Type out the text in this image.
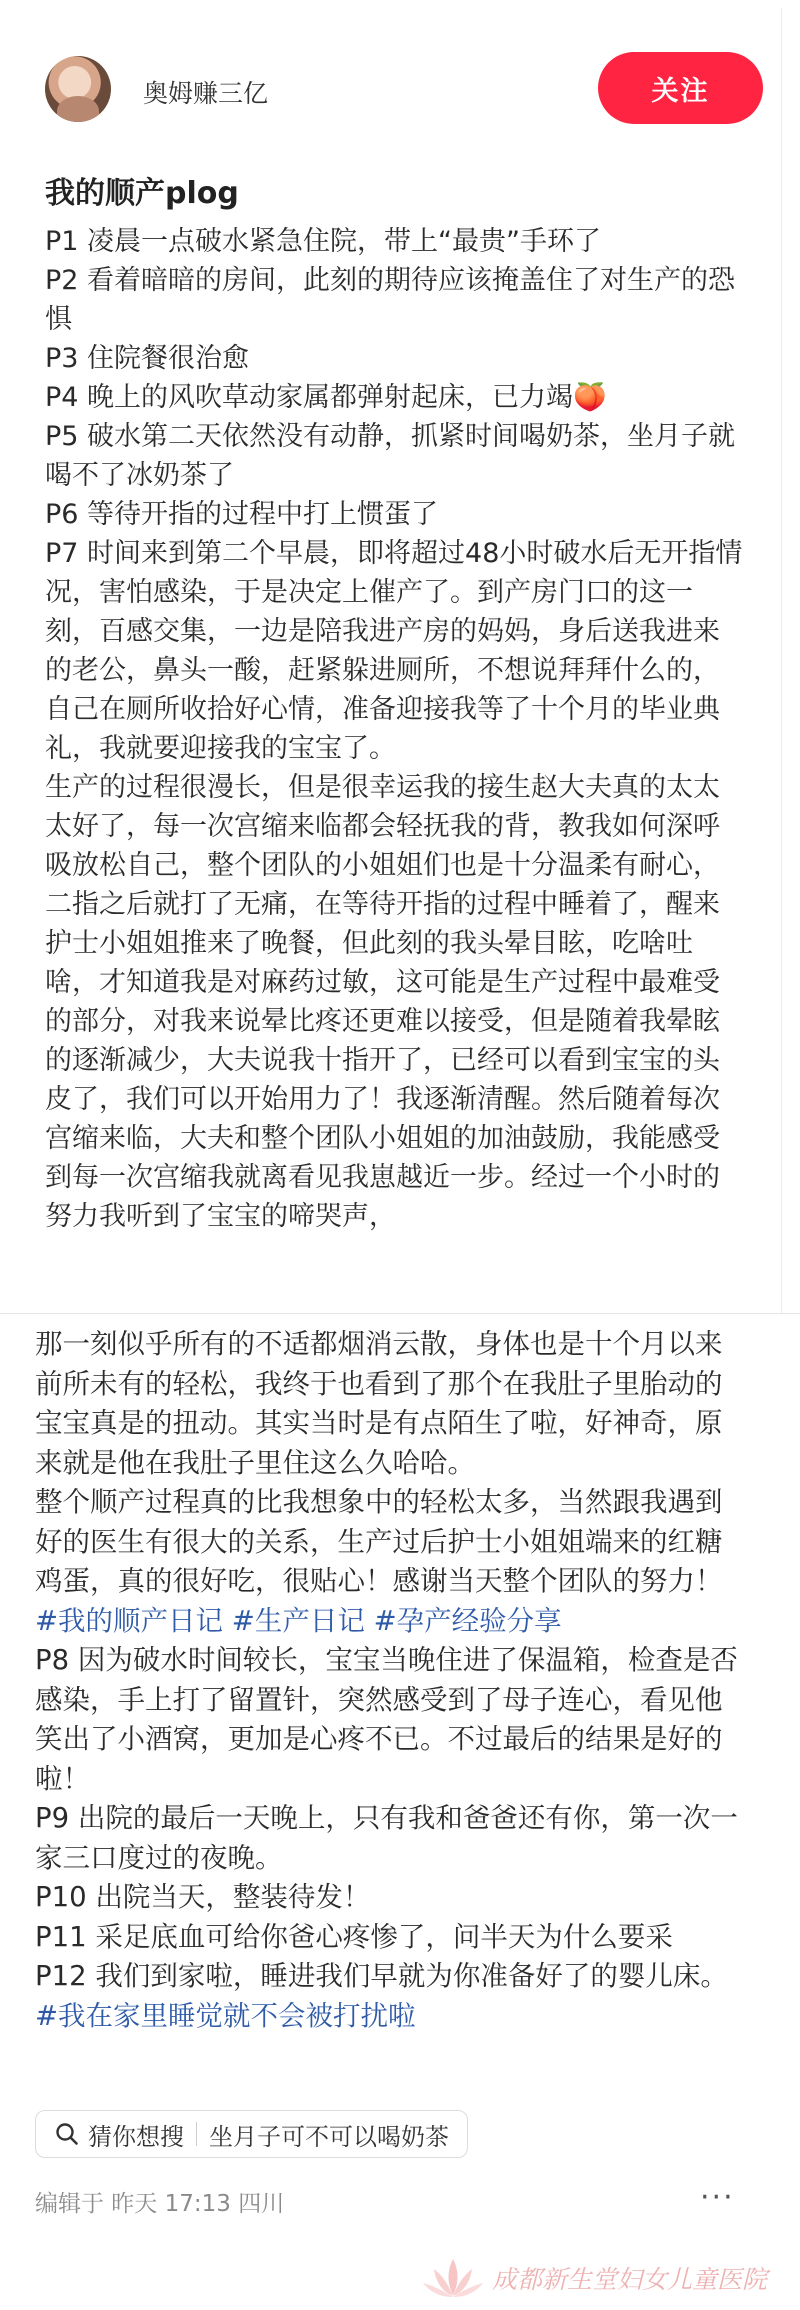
奥姆赚三亿	关注
我的顺产plog

P1 凌晨一点破水紧急住院，带上“最贵”手环了

P2 看着暗暗的房间，此刻的期待应该掩盖住了对生产的恐惧

P3 住院餐很治愈

P4 晚上的风吹草动家属都弹射起床，已力竭🍑

P5 破水第二天依然没有动静，抓紧时间喝奶茶，坐月子就喝不了冰奶茶了

P6 等待开指的过程中打上惯蛋了

P7 时间来到第二个早晨，即将超过48小时破水后无开指情况，害怕感染，于是决定上催产了。到产房门口的这一刻，百感交集，一边是陪我进产房的妈妈，身后送我进来的老公，鼻头一酸，赶紧躲进厕所，不想说拜拜什么的，自己在厕所收拾好心情，准备迎接我等了十个月的毕业典礼，我就要迎接我的宝宝了。

生产的过程很漫长，但是很幸运我的接生赵大夫真的太太太好了，每一次宫缩来临都会轻抚我的背，教我如何深呼吸放松自己，整个团队的小姐姐们也是十分温柔有耐心，二指之后就打了无痛，在等待开指的过程中睡着了，醒来护士小姐姐推来了晚餐，但此刻的我头晕目眩，吃啥吐啥，才知道我是对麻药过敏，这可能是生产过程中最难受的部分，对我来说晕比疼还更难以接受，但是随着我晕眩的逐渐减少，大夫说我十指开了，已经可以看到宝宝的头皮了，我们可以开始用力了！我逐渐清醒。然后随着每次宫缩来临，大夫和整个团队小姐姐的加油鼓励，我能感受到每一次宫缩我就离看见我崽越近一步。经过一个小时的努力我听到了宝宝的啼哭声，

那一刻似乎所有的不适都烟消云散，身体也是十个月以来前所未有的轻松，我终于也看到了那个在我肚子里胎动的宝宝真是的扭动。其实当时是有点陌生了啦，好神奇，原来就是他在我肚子里住这么久哈哈。

整个顺产过程真的比我想象中的轻松太多，当然跟我遇到好的医生有很大的关系，生产过后护士小姐姐端来的红糖鸡蛋，真的很好吃，很贴心！感谢当天整个团队的努力！#我的顺产日记 #生产日记 #孕产经验分享

P8 因为破水时间较长，宝宝当晚住进了保温箱，检查是否感染，手上打了留置针，突然感受到了母子连心，看见他笑出了小酒窝，更加是心疼不已。不过最后的结果是好的啦！

P9 出院的最后一天晚上，只有我和爸爸还有你，第一次一家三口度过的夜晚。

P10 出院当天，整装待发！

P11 采足底血可给你爸心疼惨了，问半天为什么要采

P12 我们到家啦，睡进我们早就为你准备好了的婴儿床。#我在家里睡觉就不会被打扰啦

猜你想搜 坐月子可不可以喝奶茶
编辑于 昨天 17:13 四川	···
成都新生堂妇女儿童医院
